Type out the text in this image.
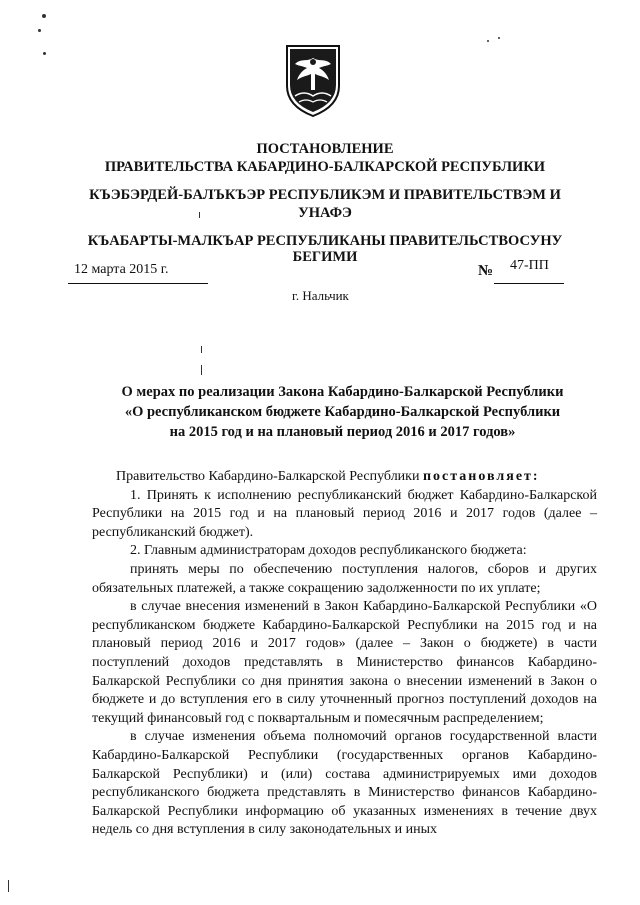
ПОСТАНОВЛЕНИЕ
ПРАВИТЕЛЬСТВА КАБАРДИНО-БАЛКАРСКОЙ РЕСПУБЛИКИ
КЪЭБЭРДЕЙ-БАЛЪКЪЭР РЕСПУБЛИКЭМ И ПРАВИТЕЛЬСТВЭМ И
УНАФЭ
КЪАБАРТЫ-МАЛКЪАР РЕСПУБЛИКАНЫ ПРАВИТЕЛЬСТВОСУНУ
БЕГИМИ
12 марта 2015 г.	№ 47-ПП
г. Нальчик
О мерах по реализации Закона Кабардино-Балкарской Республики
«О республиканском бюджете Кабардино-Балкарской Республики
на 2015 год и на плановый период 2016 и 2017 годов»

Правительство Кабардино-Балкарской Республики постановляет:

1. Принять к исполнению республиканский бюджет Кабардино-Балкарской Республики на 2015 год и на плановый период 2016 и 2017 годов (далее – республиканский бюджет).

2. Главным администраторам доходов республиканского бюджета:

принять меры по обеспечению поступления налогов, сборов и других обязательных платежей, а также сокращению задолженности по их уплате;

в случае внесения изменений в Закон Кабардино-Балкарской Республики «О республиканском бюджете Кабардино-Балкарской Республики на 2015 год и на плановый период 2016 и 2017 годов» (далее – Закон о бюджете) в части поступлений доходов представлять в Министерство финансов Кабардино-Балкарской Республики со дня принятия закона о внесении изменений в Закон о бюджете и до вступления его в силу уточненный прогноз поступлений доходов на текущий финансовый год с поквартальным и помесячным распределением;

в случае изменения объема полномочий органов государственной власти Кабардино-Балкарской Республики (государственных органов Кабардино-Балкарской Республики) и (или) состава администрируемых ими доходов республиканского бюджета представлять в Министерство финансов Кабардино-Балкарской Республики информацию об указанных изменениях в течение двух недель со дня вступления в силу законодательных и иных
